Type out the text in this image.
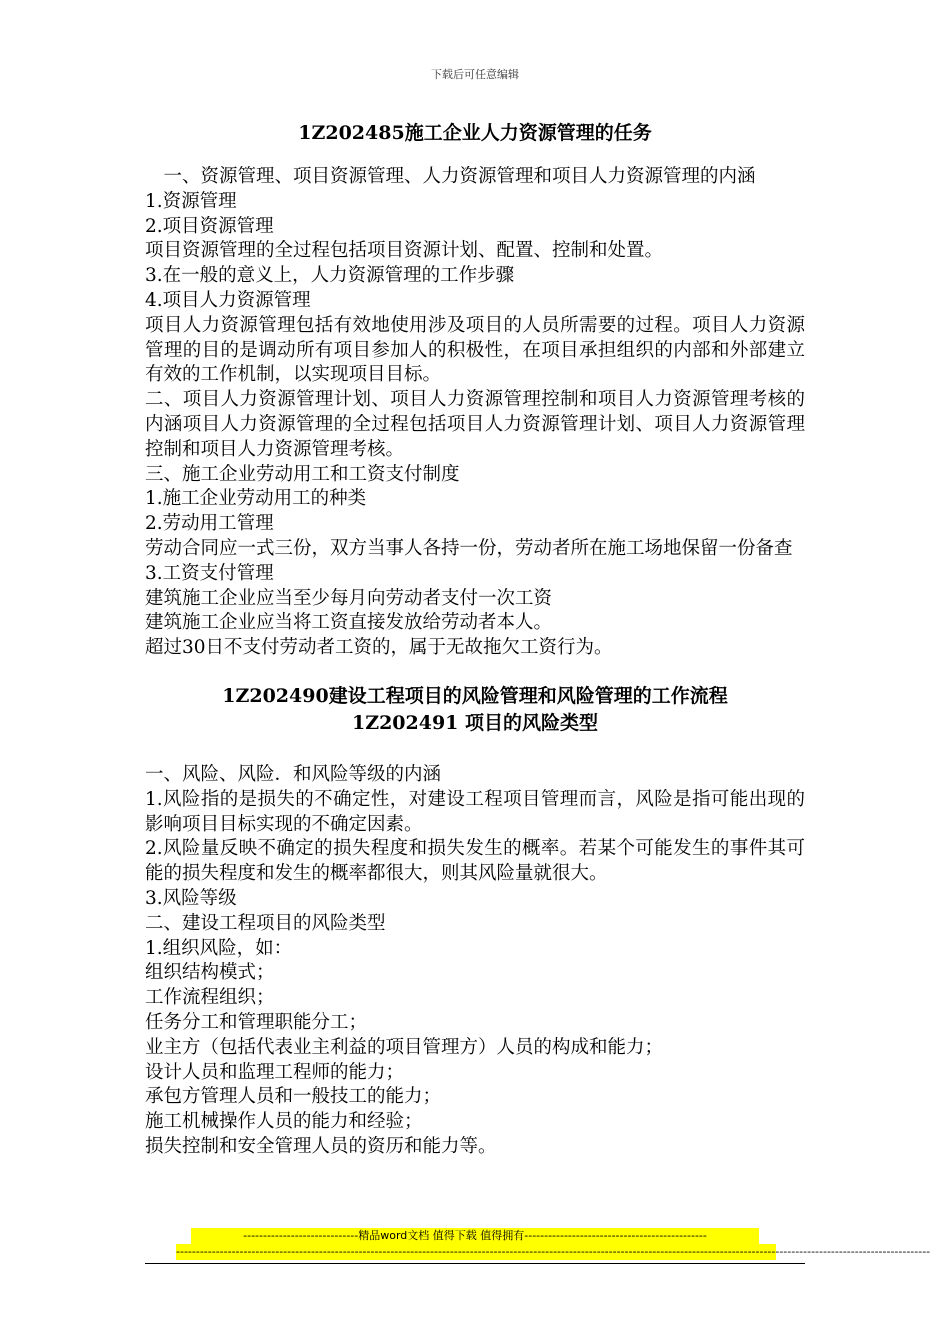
下载后可任意编辑

1Z202485施工企业人力资源管理的任务

一、资源管理、项目资源管理、人力资源管理和项目人力资源管理的内涵

1.资源管理

2.项目资源管理

项目资源管理的全过程包括项目资源计划、配置、控制和处置。

3.在一般的意义上，人力资源管理的工作步骤

4.项目人力资源管理

项目人力资源管理包括有效地使用涉及项目的人员所需要的过程。项目人力资源管理的目的是调动所有项目参加人的积极性，在项目承担组织的内部和外部建立有效的工作机制，以实现项目目标。

二、项目人力资源管理计划、项目人力资源管理控制和项目人力资源管理考核的内涵项目人力资源管理的全过程包括项目人力资源管理计划、项目人力资源管理控制和项目人力资源管理考核。

三、施工企业劳动用工和工资支付制度

1.施工企业劳动用工的种类

2.劳动用工管理

劳动合同应一式三份，双方当事人各持一份，劳动者所在施工场地保留一份备查

3.工资支付管理

建筑施工企业应当至少每月向劳动者支付一次工资

建筑施工企业应当将工资直接发放给劳动者本人。

超过30日不支付劳动者工资的，属于无故拖欠工资行为。

1Z202490建设工程项目的风险管理和风险管理的工作流程
1Z202491 项目的风险类型

一、风险、风险．和风险等级的内涵

1.风险指的是损失的不确定性，对建设工程项目管理而言，风险是指可能出现的影响项目目标实现的不确定因素。

2.风险量反映不确定的损失程度和损失发生的概率。若某个可能发生的事件其可能的损失程度和发生的概率都很大，则其风险量就很大。

3.风险等级

二、建设工程项目的风险类型

1.组织风险，如：

组织结构模式；

工作流程组织；

任务分工和管理职能分工；

业主方（包括代表业主利益的项目管理方）人员的构成和能力；

设计人员和监理工程师的能力；

承包方管理人员和一般技工的能力；

施工机械操作人员的能力和经验；

损失控制和安全管理人员的资历和能力等。

-----------------------------精品word文档 值得下载 值得拥有----------------------------------------------
----------------------------------------------------------------------------------------------------------------------------------------------------------------------------------------------
